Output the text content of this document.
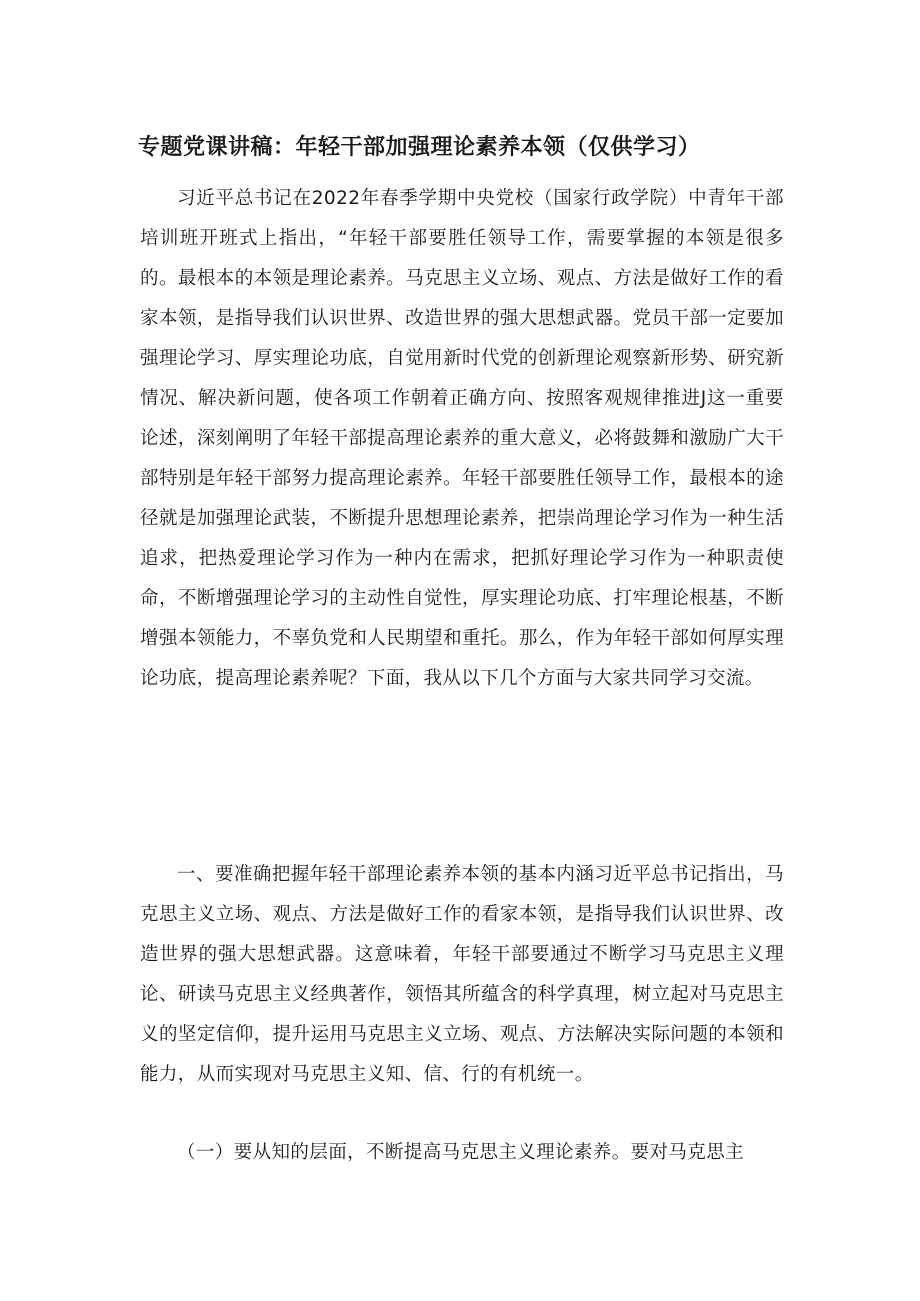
专题党课讲稿：年轻干部加强理论素养本领（仅供学习）
习近平总书记在2022年春季学期中央党校（国家行政学院）中青年干部培训班开班式上指出，“年轻干部要胜任领导工作，需要掌握的本领是很多的。最根本的本领是理论素养。马克思主义立场、观点、方法是做好工作的看家本领，是指导我们认识世界、改造世界的强大思想武器。党员干部一定要加强理论学习、厚实理论功底，自觉用新时代党的创新理论观察新形势、研究新情况、解决新问题，使各项工作朝着正确方向、按照客观规律推进J这一重要论述，深刻阐明了年轻干部提高理论素养的重大意义，必将鼓舞和激励广大干部特别是年轻干部努力提高理论素养。年轻干部要胜任领导工作，最根本的途径就是加强理论武装，不断提升思想理论素养，把崇尚理论学习作为一种生活追求，把热爱理论学习作为一种内在需求，把抓好理论学习作为一种职责使命，不断增强理论学习的主动性自觉性，厚实理论功底、打牢理论根基，不断增强本领能力，不辜负党和人民期望和重托。那么，作为年轻干部如何厚实理论功底，提高理论素养呢？下面，我从以下几个方面与大家共同学习交流。
一、要准确把握年轻干部理论素养本领的基本内涵习近平总书记指出，马克思主义立场、观点、方法是做好工作的看家本领，是指导我们认识世界、改造世界的强大思想武器。这意味着，年轻干部要通过不断学习马克思主义理论、研读马克思主义经典著作，领悟其所蕴含的科学真理，树立起对马克思主义的坚定信仰，提升运用马克思主义立场、观点、方法解决实际问题的本领和能力，从而实现对马克思主义知、信、行的有机统一。
（一）要从知的层面，不断提高马克思主义理论素养。要对马克思主
